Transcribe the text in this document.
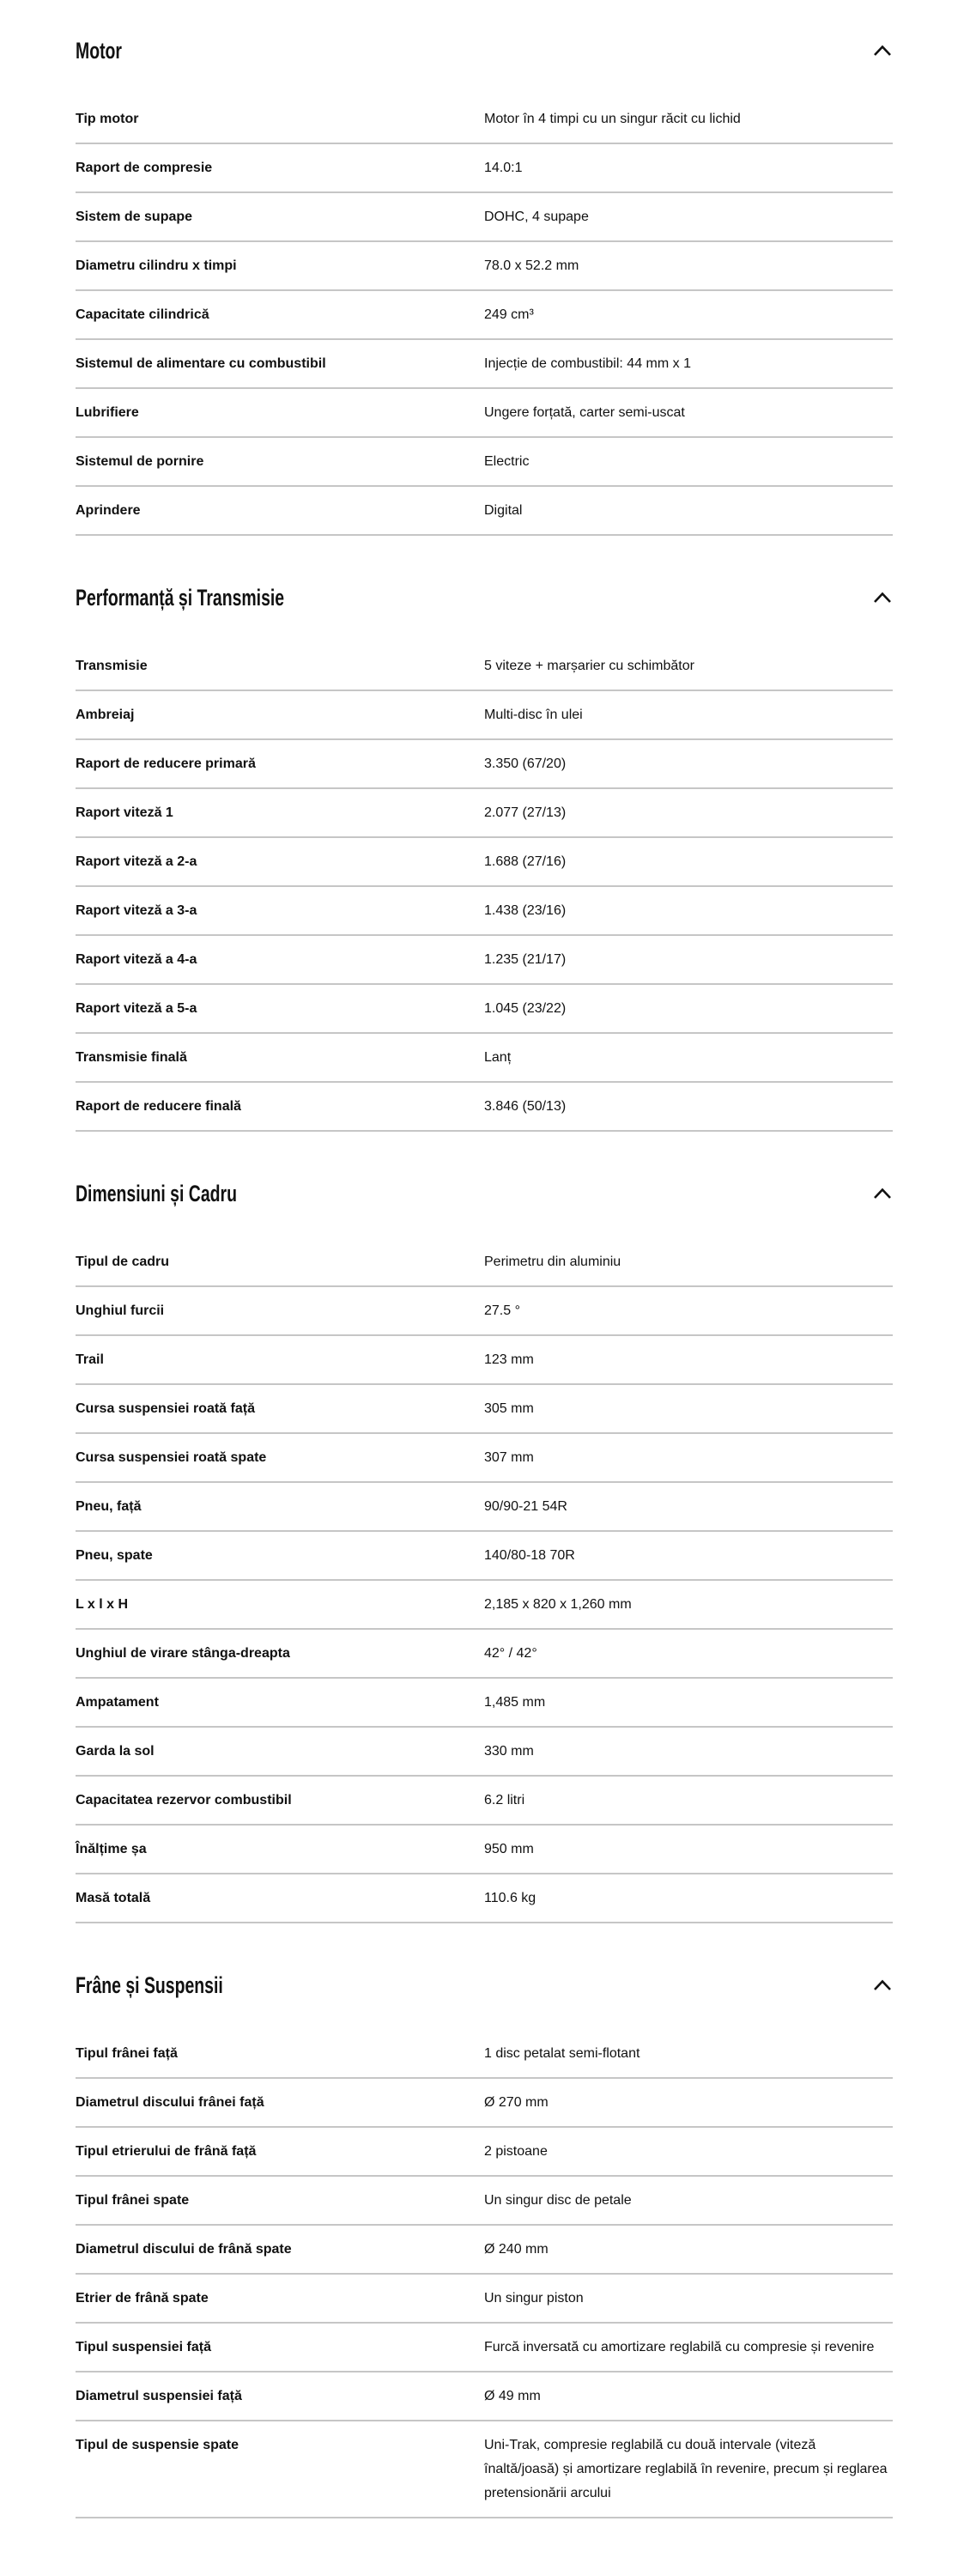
Motor
Tip motor	Motor în 4 timpi cu un singur răcit cu lichid
Raport de compresie	14.0:1
Sistem de supape	DOHC, 4 supape
Diametru cilindru x timpi	78.0 x 52.2 mm
Capacitate cilindrică	249 cm³
Sistemul de alimentare cu combustibil	Injecție de combustibil: 44 mm x 1
Lubrifiere	Ungere forțată, carter semi-uscat
Sistemul de pornire	Electric
Aprindere	Digital
Performanță și Transmisie
Transmisie	5 viteze + marșarier cu schimbător
Ambreiaj	Multi-disc în ulei
Raport de reducere primară	3.350 (67/20)
Raport viteză 1	2.077 (27/13)
Raport viteză a 2-a	1.688 (27/16)
Raport viteză a 3-a	1.438 (23/16)
Raport viteză a 4-a	1.235 (21/17)
Raport viteză a 5-a	1.045 (23/22)
Transmisie finală	Lanț
Raport de reducere finală	3.846 (50/13)
Dimensiuni și Cadru
Tipul de cadru	Perimetru din aluminiu
Unghiul furcii	27.5 °
Trail	123 mm
Cursa suspensiei roată față	305 mm
Cursa suspensiei roată spate	307 mm
Pneu, față	90/90-21 54R
Pneu, spate	140/80-18 70R
L x l x H	2,185 x 820 x 1,260 mm
Unghiul de virare stânga-dreapta	42° / 42°
Ampatament	1,485 mm
Garda la sol	330 mm
Capacitatea rezervor combustibil	6.2 litri
Înălțime șa	950 mm
Masă totală	110.6 kg
Frâne și Suspensii
Tipul frânei față	1 disc petalat semi-flotant
Diametrul discului frânei față	Ø 270 mm
Tipul etrierului de frână față	2 pistoane
Tipul frânei spate	Un singur disc de petale
Diametrul discului de frână spate	Ø 240 mm
Etrier de frână spate	Un singur piston
Tipul suspensiei față	Furcă inversată cu amortizare reglabilă cu compresie și revenire
Diametrul suspensiei față	Ø 49 mm
Tipul de suspensie spate	Uni-Trak, compresie reglabilă cu două intervale (viteză înaltă/joasă) și amortizare reglabilă în revenire, precum și reglarea pretensionării arcului
